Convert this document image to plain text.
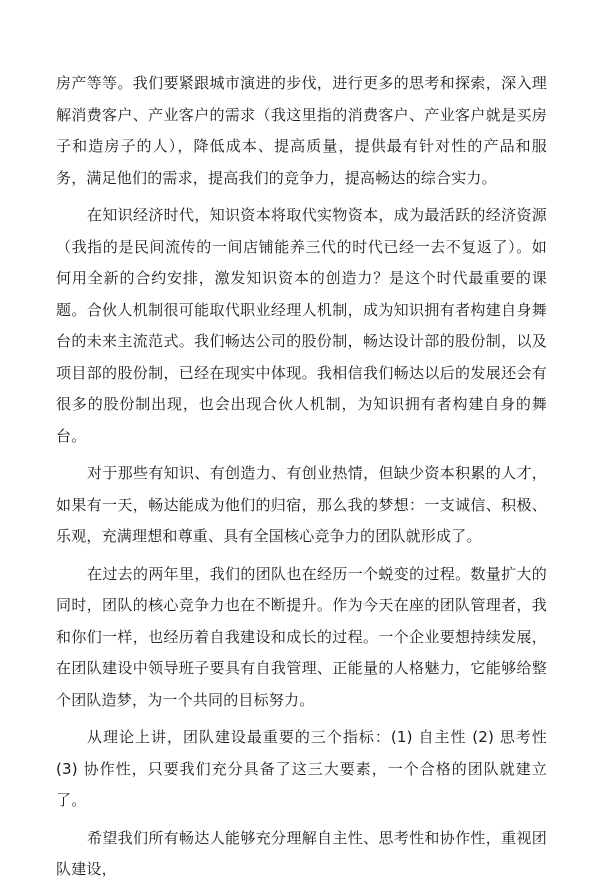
房产等等。我们要紧跟城市演进的步伐，进行更多的思考和探索，深入理解消费客户、产业客户的需求（我这里指的消费客户、产业客户就是买房子和造房子的人），降低成本、提高质量，提供最有针对性的产品和服务，满足他们的需求，提高我们的竞争力，提高畅达的综合实力。

在知识经济时代，知识资本将取代实物资本，成为最活跃的经济资源（我指的是民间流传的一间店铺能养三代的时代已经一去不复返了）。如何用全新的合约安排，激发知识资本的创造力？是这个时代最重要的课题。合伙人机制很可能取代职业经理人机制，成为知识拥有者构建自身舞台的未来主流范式。我们畅达公司的股份制，畅达设计部的股份制，以及项目部的股份制，已经在现实中体现。我相信我们畅达以后的发展还会有很多的股份制出现，也会出现合伙人机制，为知识拥有者构建自身的舞台。

对于那些有知识、有创造力、有创业热情，但缺少资本积累的人才，如果有一天，畅达能成为他们的归宿，那么我的梦想：一支诚信、积极、乐观，充满理想和尊重、具有全国核心竞争力的团队就形成了。

在过去的两年里，我们的团队也在经历一个蜕变的过程。数量扩大的同时，团队的核心竞争力也在不断提升。作为今天在座的团队管理者，我和你们一样，也经历着自我建设和成长的过程。一个企业要想持续发展，在团队建设中领导班子要具有自我管理、正能量的人格魅力，它能够给整个团队造梦，为一个共同的目标努力。

从理论上讲，团队建设最重要的三个指标：(1) 自主性 (2) 思考性 (3) 协作性，只要我们充分具备了这三大要素，一个合格的团队就建立了。

希望我们所有畅达人能够充分理解自主性、思考性和协作性，重视团队建设，
